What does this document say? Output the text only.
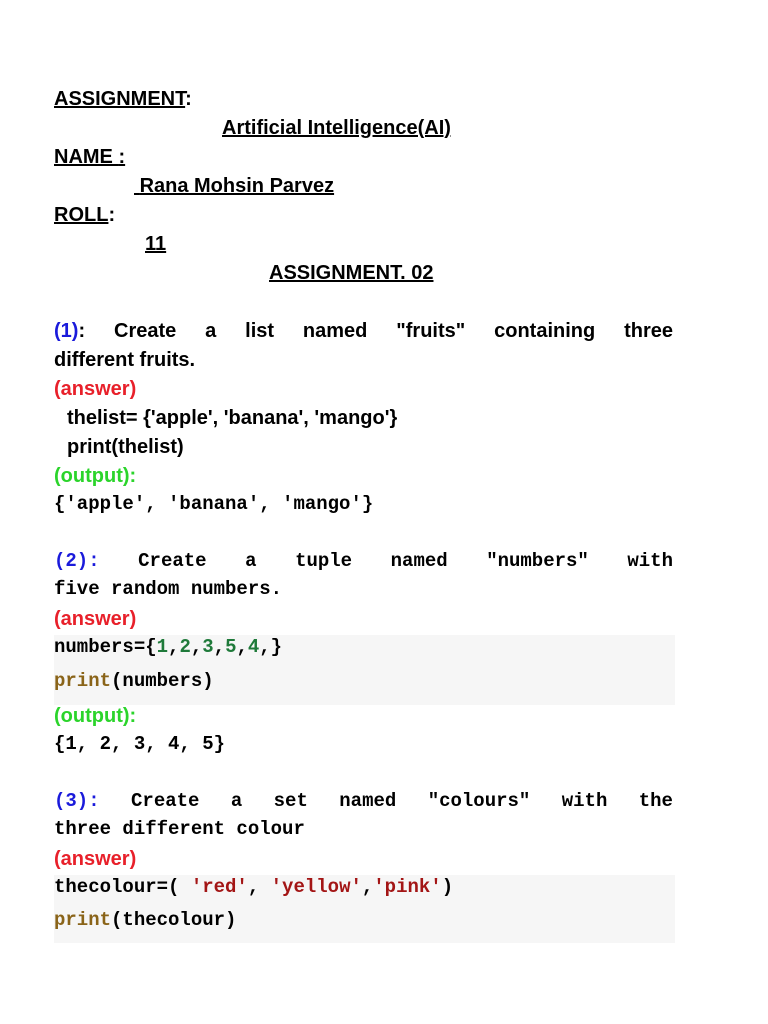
ASSIGNMENT:
Artificial Intelligence(AI)
NAME :
Rana Mohsin Parvez
ROLL:
11
ASSIGNMENT. 02
(1): Create a list named "fruits" containing three
different fruits.
(answer)
thelist= {'apple', 'banana', 'mango'}
print(thelist)
(output):
{'apple', 'banana', 'mango'}
(2): Create a tuple named "numbers" with
five random numbers.
(answer)
numbers={1,2,3,5,4,}
print(numbers)
(output):
{1, 2, 3, 4, 5}
(3): Create a set named "colours" with the
three different colour
(answer)
thecolour=( 'red', 'yellow','pink')
print(thecolour)
